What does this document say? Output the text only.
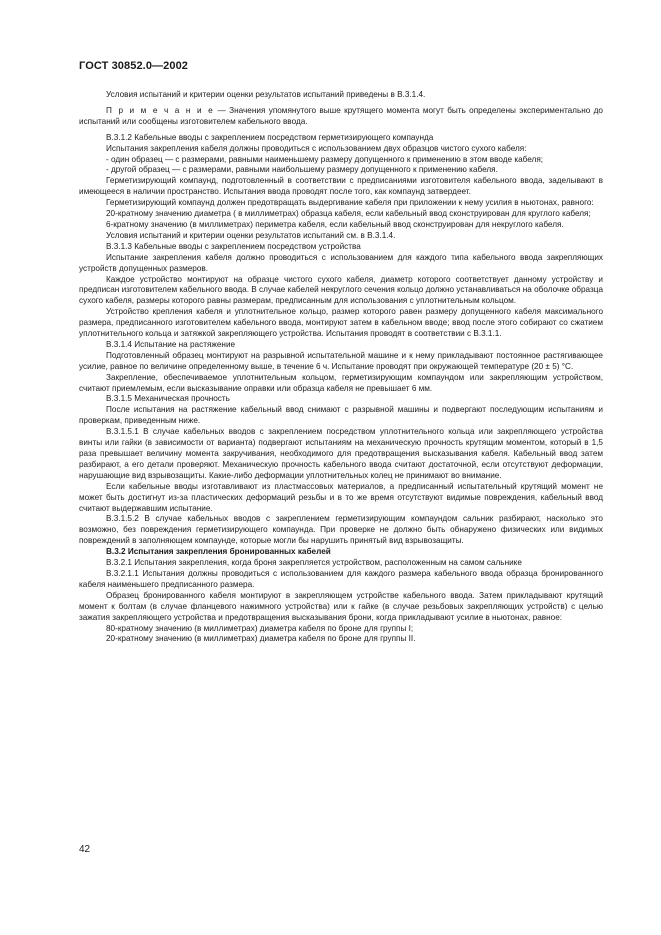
ГОСТ 30852.0—2002

Условия испытаний и критерии оценки результатов испытаний приведены в В.3.1.4.

П р и м е ч а н и е — Значения упомянутого выше крутящего момента могут быть определены экспериментально до испытаний или сообщены изготовителем кабельного ввода.

В.3.1.2 Кабельные вводы с закреплением посредством герметизирующего компаунда

Испытания закрепления кабеля должны проводиться с использованием двух образцов чистого сухого кабеля:

- один образец — с размерами, равными наименьшему размеру допущенного к применению в этом вводе кабеля;

- другой образец — с размерами, равными наибольшему размеру допущенного к применению кабеля.

Герметизирующий компаунд, подготовленный в соответствии с предписаниями изготовителя кабельного ввода, заделывают в имеющееся в наличии пространство. Испытания ввода проводят после того, как компаунд затвердеет.

Герметизирующий компаунд должен предотвращать выдергивание кабеля при приложении к нему усилия в ньютонах, равного:

20-кратному значению диаметра ( в миллиметрах) образца кабеля, если кабельный ввод сконструирован для круглого кабеля;

6-кратному значению (в миллиметрах) периметра кабеля, если кабельный ввод сконструирован для некруглого кабеля.

Условия испытаний и критерии оценки результатов испытаний см. в В.3.1.4.

В.3.1.3 Кабельные вводы с закреплением посредством устройства

Испытание закрепления кабеля должно проводиться с использованием для каждого типа кабельного ввода закрепляющих устройств допущенных размеров.

Каждое устройство монтируют на образце чистого сухого кабеля, диаметр которого соответствует данному устройству и предписан изготовителем кабельного ввода. В случае кабелей некруглого сечения кольцо должно устанавливаться на оболочке образца сухого кабеля, размеры которого равны размерам, предписанным для использования с уплотнительным кольцом.

Устройство крепления кабеля и уплотнительное кольцо, размер которого равен размеру допущенного кабеля максимального размера, предписанного изготовителем кабельного ввода, монтируют затем в кабельном вводе; ввод после этого собирают со сжатием уплотнительного кольца и затяжкой закрепляющего устройства. Испытания проводят в соответствии с В.3.1.1.

В.3.1.4 Испытание на растяжение

Подготовленный образец монтируют на разрывной испытательной машине и к нему прикладывают постоянное растягивающее усилие, равное по величине определенному выше, в течение 6 ч. Испытание проводят при окружающей температуре (20 ± 5) °С.

Закрепление, обеспечиваемое уплотнительным кольцом, герметизирующим компаундом или закрепляющим устройством, считают приемлемым, если высказывание оправки или образца кабеля не превышает 6 мм.

В.3.1.5 Механическая прочность

После испытания на растяжение кабельный ввод снимают с разрывной машины и подвергают последующим испытаниям и проверкам, приведенным ниже.

В.3.1.5.1 В случае кабельных вводов с закреплением посредством уплотнительного кольца или закрепляющего устройства винты или гайки (в зависимости от варианта) подвергают испытаниям на механическую прочность крутящим моментом, который в 1,5 раза превышает величину момента закручивания, необходимого для предотвращения высказывания кабеля. Кабельный ввод затем разбирают, а его детали проверяют. Механическую прочность кабельного ввода считают достаточной, если отсутствуют деформации, нарушающие вид взрывозащиты. Какие-либо деформации уплотнительных колец не принимают во внимание.

Если кабельные вводы изготавливают из пластмассовых материалов, а предписанный испытательный крутящий момент не может быть достигнут из-за пластических деформаций резьбы и в то же время отсутствуют видимые повреждения, кабельный ввод считают выдержавшим испытание.

В.3.1.5.2 В случае кабельных вводов с закреплением герметизирующим компаундом сальник разбирают, насколько это возможно, без повреждения герметизирующего компаунда. При проверке не должно быть обнаружено физических или видимых повреждений в заполняющем компаунде, которые могли бы нарушить принятый вид взрывозащиты.

В.3.2 Испытания закрепления бронированных кабелей

В.3.2.1 Испытания закрепления, когда броня закрепляется устройством, расположенным на самом сальнике

В.3.2.1.1 Испытания должны проводиться с использованием для каждого размера кабельного ввода образца бронированного кабеля наименьшего предписанного размера.

Образец бронированного кабеля монтируют в закрепляющем устройстве кабельного ввода. Затем прикладывают крутящий момент к болтам (в случае фланцевого нажимного устройства) или к гайке (в случае резьбовых закрепляющих устройств) с целью зажатия закрепляющего устройства и предотвращения высказывания брони, когда прикладывают усилие в ньютонах, равное:

80-кратному значению (в миллиметрах) диаметра кабеля по броне для группы I;

20-кратному значению (в миллиметрах) диаметра кабеля по броне для группы II.

42
